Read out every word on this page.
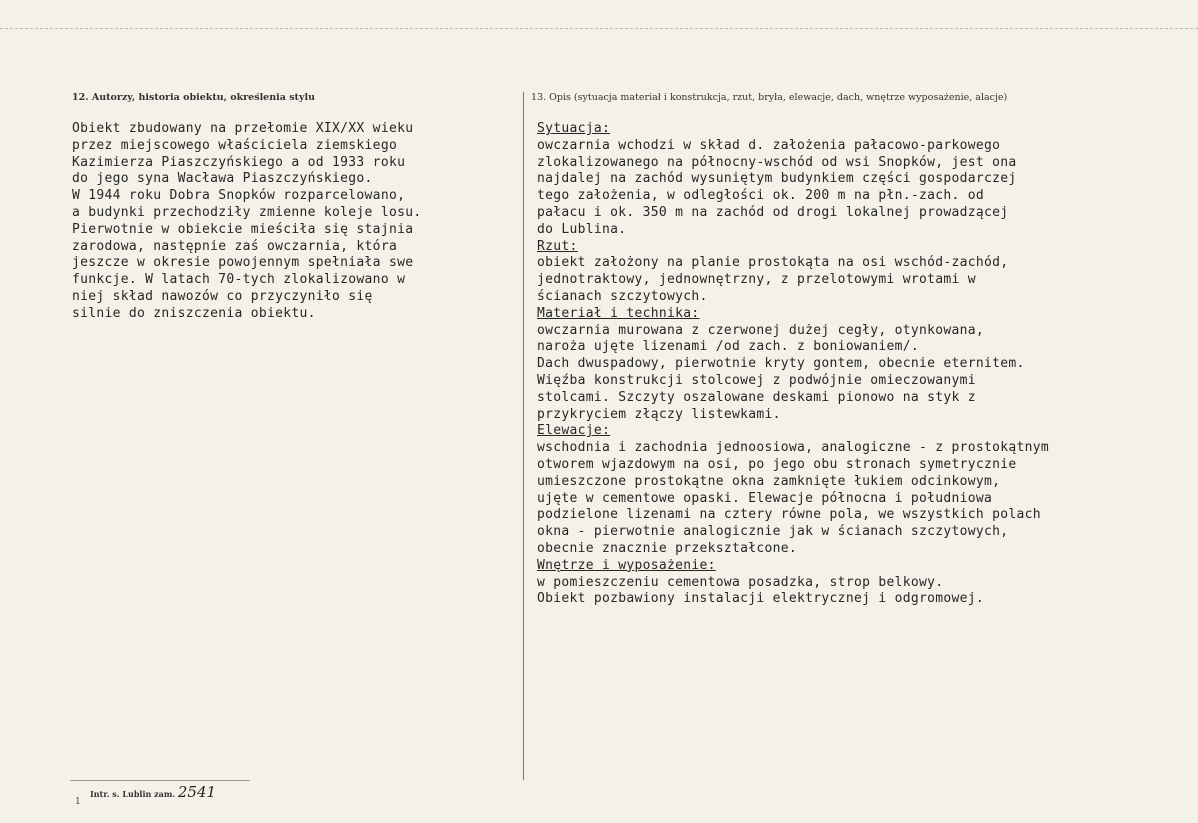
12. Autorzy, historia obiektu, określenia stylu	13. Opis (sytuacja materiał i konstrukcja, rzut, bryła, elewacje, dach, wnętrze wyposażenie, alacje)
Obiekt zbudowany na przełomie XIX/XX wieku
przez miejscowego właściciela ziemskiego
Kazimierza Piaszczyńskiego a od 1933 roku
do jego syna Wacława Piaszczyńskiego.
W 1944 roku Dobra Snopków rozparcelowano,
a budynki przechodziły zmienne koleje losu.
Pierwotnie w obiekcie mieściła się stajnia
zarodowa, następnie zaś owczarnia, która
jeszcze w okresie powojennym spełniała swe
funkcje. W latach 70-tych zlokalizowano w
niej skład nawozów co przyczyniło się
silnie do zniszczenia obiektu.
Sytuacja:
owczarnia wchodzi w skład d. założenia pałacowo-parkowego
zlokalizowanego na północny-wschód od wsi Snopków, jest ona
najdalej na zachód wysuniętym budynkiem części gospodarczej
tego założenia, w odległości ok. 200 m na płn.-zach. od
pałacu i ok. 350 m na zachód od drogi lokalnej prowadzącej
do Lublina.
Rzut:
obiekt założony na planie prostokąta na osi wschód-zachód,
jednotraktowy, jednownętrzny, z przelotowymi wrotami w
ścianach szczytowych.
Materiał i technika:
owczarnia murowana z czerwonej dużej cegły, otynkowana,
naroża ujęte lizenami /od zach. z boniowaniem/.
Dach dwuspadowy, pierwotnie kryty gontem, obecnie eternitem.
Więźba konstrukcji stolcowej z podwójnie omieczowanymi
stolcami. Szczyty oszalowane deskami pionowo na styk z
przykryciem złączy listewkami.
Elewacje:
wschodnia i zachodnia jednoosiowa, analogiczne - z prostokątnym
otworem wjazdowym na osi, po jego obu stronach symetrycznie
umieszczone prostokątne okna zamknięte łukiem odcinkowym,
ujęte w cementowe opaski. Elewacje północna i południowa
podzielone lizenami na cztery równe pola, we wszystkich polach
okna - pierwotnie analogicznie jak w ścianach szczytowych,
obecnie znacznie przekształcone.
Wnętrze i wyposażenie:
w pomieszczeniu cementowa posadzka, strop belkowy.
Obiekt pozbawiony instalacji elektrycznej i odgromowej.
Intr. s. Lublin zam. 2541
1
